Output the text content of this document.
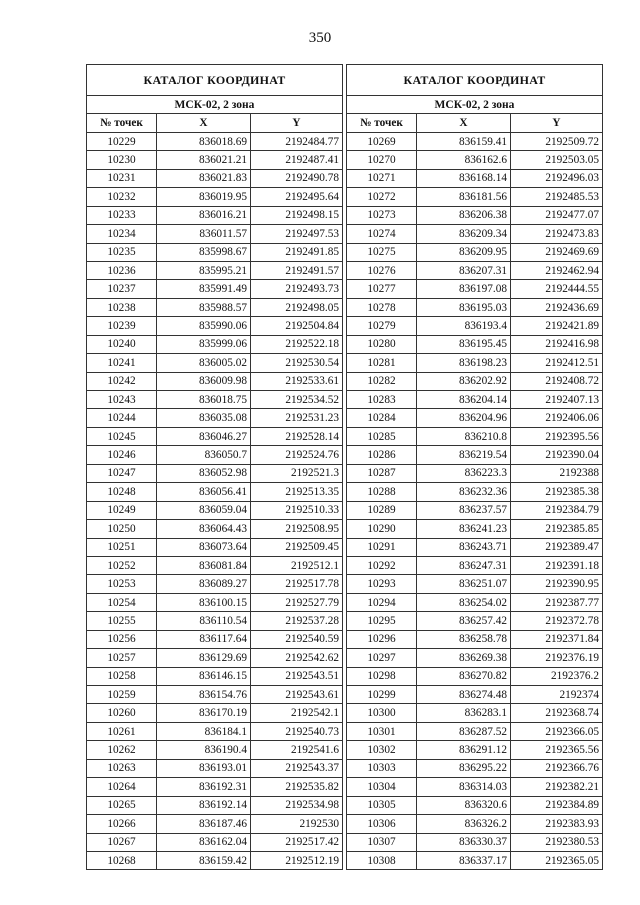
350
КАТАЛОГ КООРДИНАТ		
МСК-02, 2 зона		
№ точек	X	Y
10229	836018.69	2192484.77
10230	836021.21	2192487.41
10231	836021.83	2192490.78
10232	836019.95	2192495.64
10233	836016.21	2192498.15
10234	836011.57	2192497.53
10235	835998.67	2192491.85
10236	835995.21	2192491.57
10237	835991.49	2192493.73
10238	835988.57	2192498.05
10239	835990.06	2192504.84
10240	835999.06	2192522.18
10241	836005.02	2192530.54
10242	836009.98	2192533.61
10243	836018.75	2192534.52
10244	836035.08	2192531.23
10245	836046.27	2192528.14
10246	836050.7	2192524.76
10247	836052.98	2192521.3
10248	836056.41	2192513.35
10249	836059.04	2192510.33
10250	836064.43	2192508.95
10251	836073.64	2192509.45
10252	836081.84	2192512.1
10253	836089.27	2192517.78
10254	836100.15	2192527.79
10255	836110.54	2192537.28
10256	836117.64	2192540.59
10257	836129.69	2192542.62
10258	836146.15	2192543.51
10259	836154.76	2192543.61
10260	836170.19	2192542.1
10261	836184.1	2192540.73
10262	836190.4	2192541.6
10263	836193.01	2192543.37
10264	836192.31	2192535.82
10265	836192.14	2192534.98
10266	836187.46	2192530
10267	836162.04	2192517.42
10268	836159.42	2192512.19
КАТАЛОГ КООРДИНАТ		
МСК-02, 2 зона		
№ точек	X	Y
10269	836159.41	2192509.72
10270	836162.6	2192503.05
10271	836168.14	2192496.03
10272	836181.56	2192485.53
10273	836206.38	2192477.07
10274	836209.34	2192473.83
10275	836209.95	2192469.69
10276	836207.31	2192462.94
10277	836197.08	2192444.55
10278	836195.03	2192436.69
10279	836193.4	2192421.89
10280	836195.45	2192416.98
10281	836198.23	2192412.51
10282	836202.92	2192408.72
10283	836204.14	2192407.13
10284	836204.96	2192406.06
10285	836210.8	2192395.56
10286	836219.54	2192390.04
10287	836223.3	2192388
10288	836232.36	2192385.38
10289	836237.57	2192384.79
10290	836241.23	2192385.85
10291	836243.71	2192389.47
10292	836247.31	2192391.18
10293	836251.07	2192390.95
10294	836254.02	2192387.77
10295	836257.42	2192372.78
10296	836258.78	2192371.84
10297	836269.38	2192376.19
10298	836270.82	2192376.2
10299	836274.48	2192374
10300	836283.1	2192368.74
10301	836287.52	2192366.05
10302	836291.12	2192365.56
10303	836295.22	2192366.76
10304	836314.03	2192382.21
10305	836320.6	2192384.89
10306	836326.2	2192383.93
10307	836330.37	2192380.53
10308	836337.17	2192365.05
